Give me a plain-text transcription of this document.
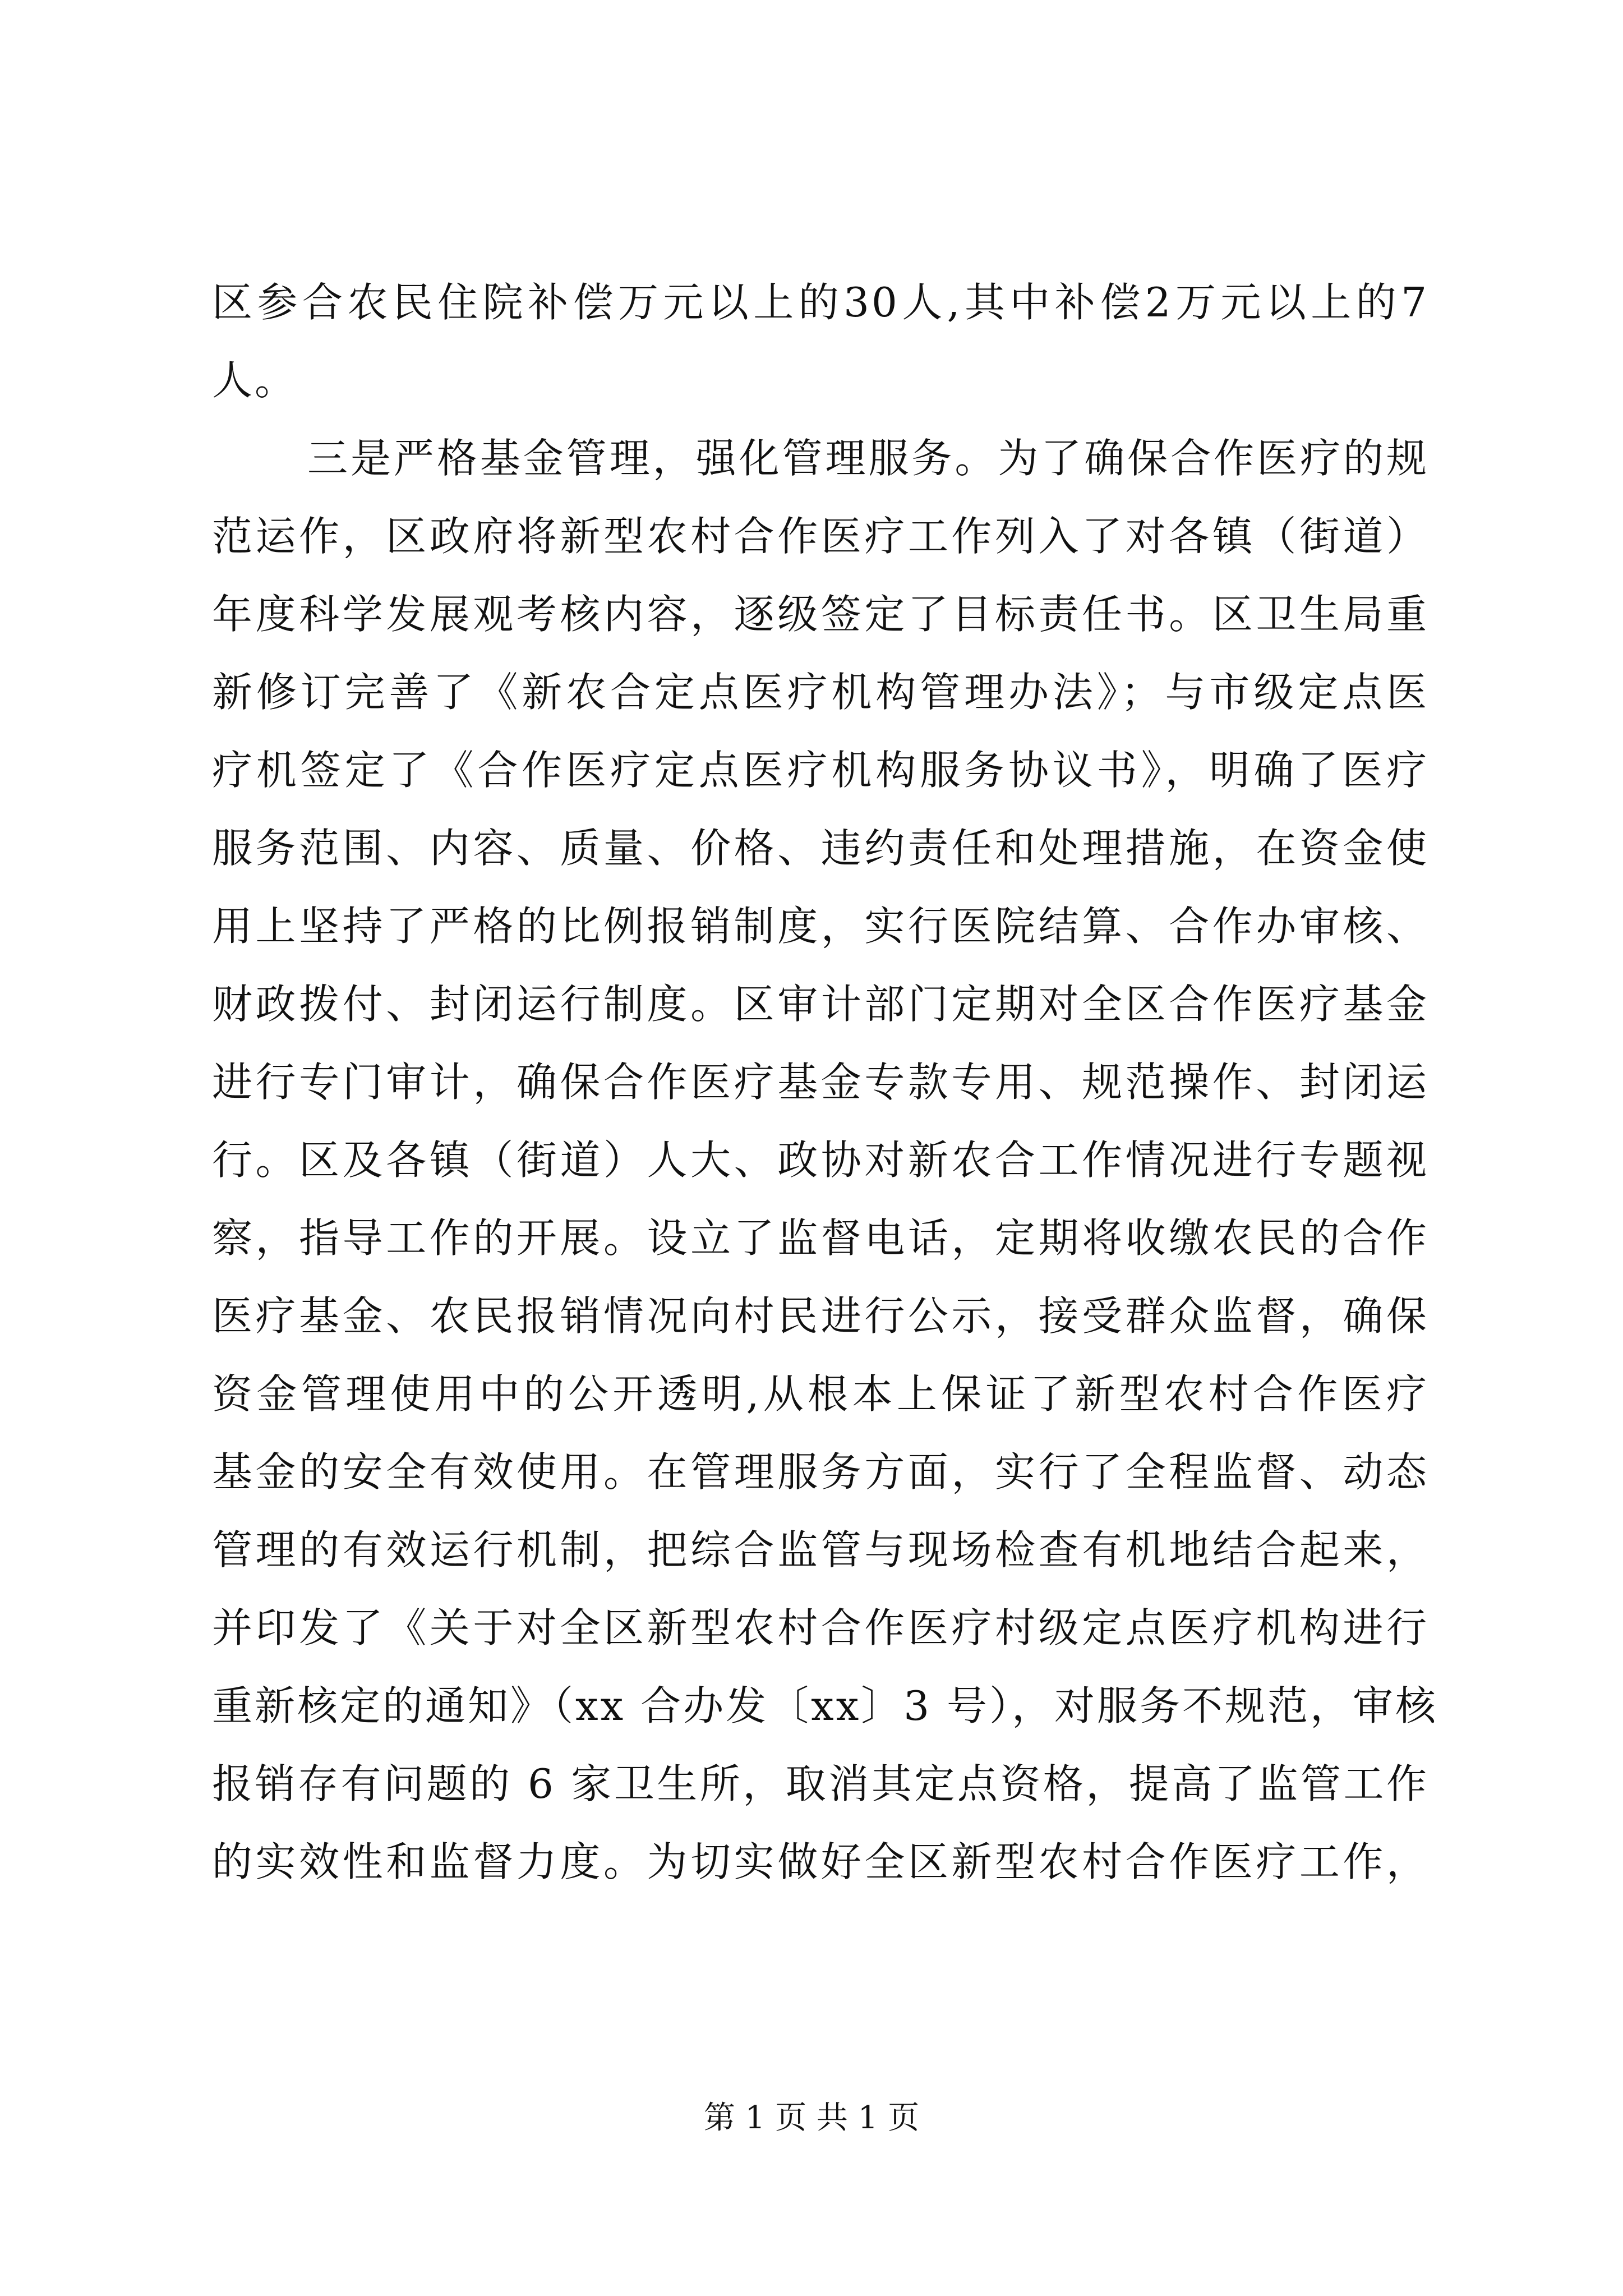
区参合农民住院补偿万元以上的30人,其中补偿2万元以上的7
人。
三是严格基金管理，强化管理服务。为了确保合作医疗的规
范运作，区政府将新型农村合作医疗工作列入了对各镇（街道）
年度科学发展观考核内容，逐级签定了目标责任书。区卫生局重
新修订完善了《新农合定点医疗机构管理办法》；与市级定点医
疗机签定了《合作医疗定点医疗机构服务协议书》，明确了医疗
服务范围、内容、质量、价格、违约责任和处理措施，在资金使
用上坚持了严格的比例报销制度，实行医院结算、合作办审核、
财政拨付、封闭运行制度。区审计部门定期对全区合作医疗基金
进行专门审计，确保合作医疗基金专款专用、规范操作、封闭运
行。区及各镇（街道）人大、政协对新农合工作情况进行专题视
察，指导工作的开展。设立了监督电话，定期将收缴农民的合作
医疗基金、农民报销情况向村民进行公示，接受群众监督，确保
资金管理使用中的公开透明,从根本上保证了新型农村合作医疗
基金的安全有效使用。在管理服务方面，实行了全程监督、动态
管理的有效运行机制，把综合监管与现场检查有机地结合起来，
并印发了《关于对全区新型农村合作医疗村级定点医疗机构进行
重新核定的通知》（xx 合办发〔xx〕3 号），对服务不规范，审核
报销存有问题的 6 家卫生所，取消其定点资格，提高了监管工作
的实效性和监督力度。为切实做好全区新型农村合作医疗工作，
第 1 页 共 1 页
